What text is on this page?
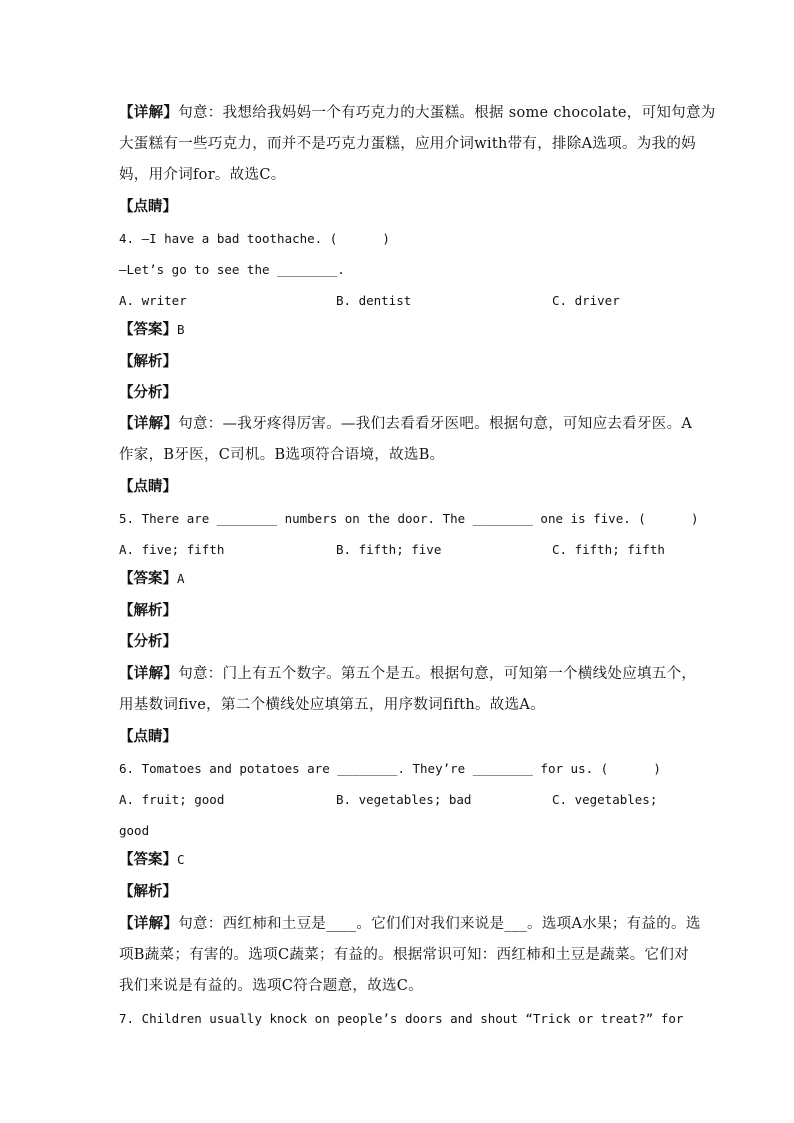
【详解】句意：我想给我妈妈一个有巧克力的大蛋糕。根据 some chocolate，可知句意为
大蛋糕有一些巧克力，而并不是巧克力蛋糕，应用介词with带有，排除A选项。为我的妈
妈，用介词for。故选C。
【点睛】
4. —I have a bad toothache. (      )
—Let’s go to see the ________.
A. writer	B. dentist	C. driver
【答案】B
【解析】
【分析】
【详解】句意：—我牙疼得厉害。—我们去看看牙医吧。根据句意，可知应去看牙医。A
作家，B牙医，C司机。B选项符合语境，故选B。
【点睛】
5. There are ________ numbers on the door. The ________ one is five. (      )
A. five; fifth	B. fifth; five	C. fifth; fifth
【答案】A
【解析】
【分析】
【详解】句意：门上有五个数字。第五个是五。根据句意，可知第一个横线处应填五个，
用基数词five，第二个横线处应填第五，用序数词fifth。故选A。
【点睛】
6. Tomatoes and potatoes are ________. They’re ________ for us. (      )
A. fruit; good	B. vegetables; bad	C. vegetables;
good
【答案】C
【解析】
【详解】句意：西红柿和土豆是____。它们们对我们来说是___。选项A水果；有益的。选
项B蔬菜；有害的。选项C蔬菜；有益的。根据常识可知：西红柿和土豆是蔬菜。它们对
我们来说是有益的。选项C符合题意，故选C。
7. Children usually knock on people’s doors and shout “Trick or treat?” for
